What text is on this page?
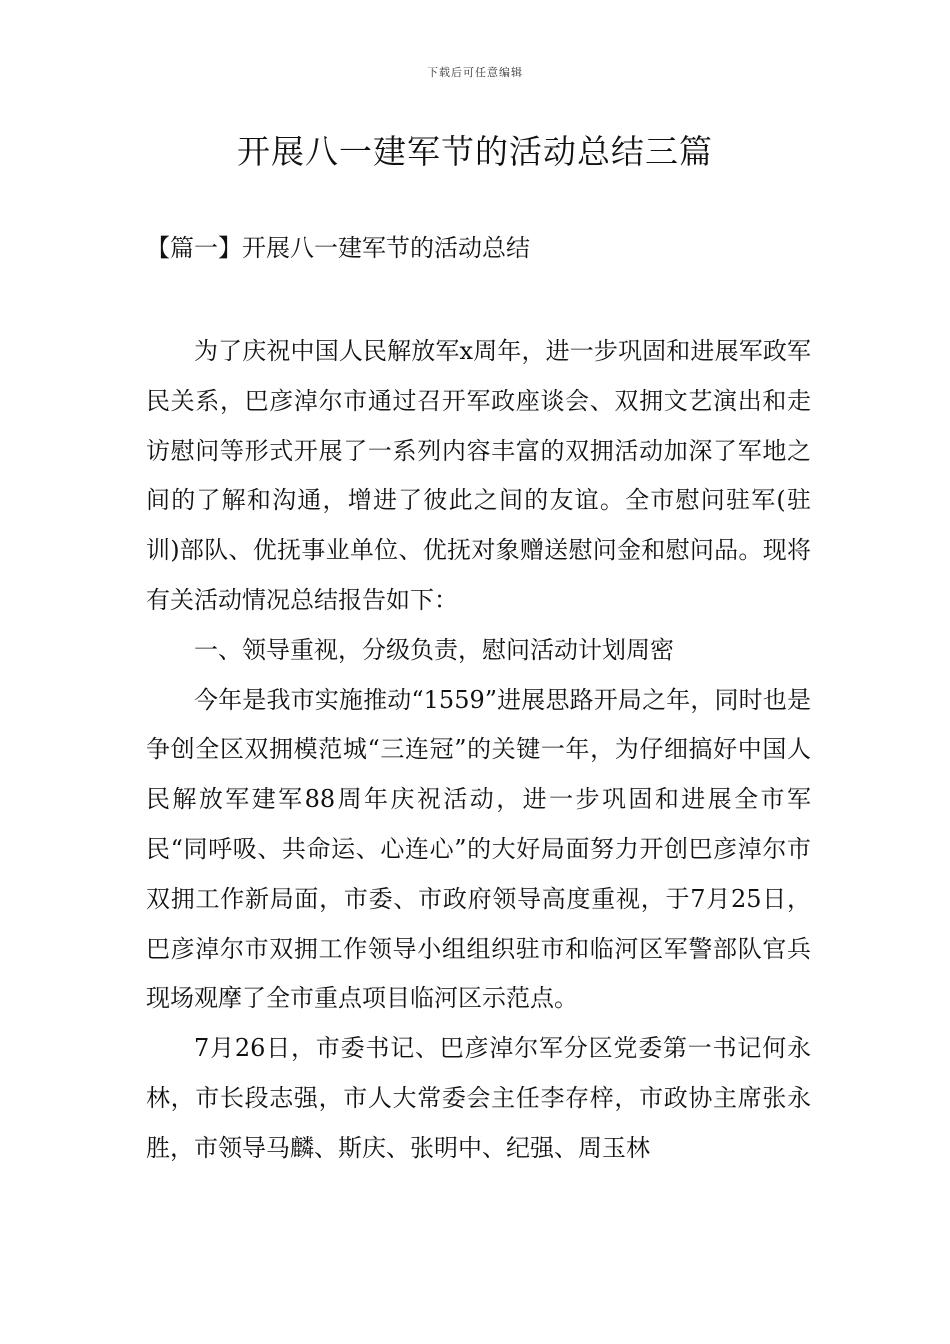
下载后可任意编辑
开展八一建军节的活动总结三篇
【篇一】开展八一建军节的活动总结

为了庆祝中国人民解放军x周年，进一步巩固和进展军政军民关系，巴彦淖尔市通过召开军政座谈会、双拥文艺演出和走访慰问等形式开展了一系列内容丰富的双拥活动加深了军地之间的了解和沟通，增进了彼此之间的友谊。全市慰问驻军(驻训)部队、优抚事业单位、优抚对象赠送慰问金和慰问品。现将有关活动情况总结报告如下：

一、领导重视，分级负责，慰问活动计划周密

今年是我市实施推动“1559”进展思路开局之年，同时也是争创全区双拥模范城“三连冠”的关键一年，为仔细搞好中国人民解放军建军88周年庆祝活动，进一步巩固和进展全市军民“同呼吸、共命运、心连心”的大好局面努力开创巴彦淖尔市双拥工作新局面，市委、市政府领导高度重视，于7月25日，巴彦淖尔市双拥工作领导小组组织驻市和临河区军警部队官兵现场观摩了全市重点项目临河区示范点。

7月26日，市委书记、巴彦淖尔军分区党委第一书记何永林，市长段志强，市人大常委会主任李存梓，市政协主席张永胜，市领导马麟、斯庆、张明中、纪强、周玉林
